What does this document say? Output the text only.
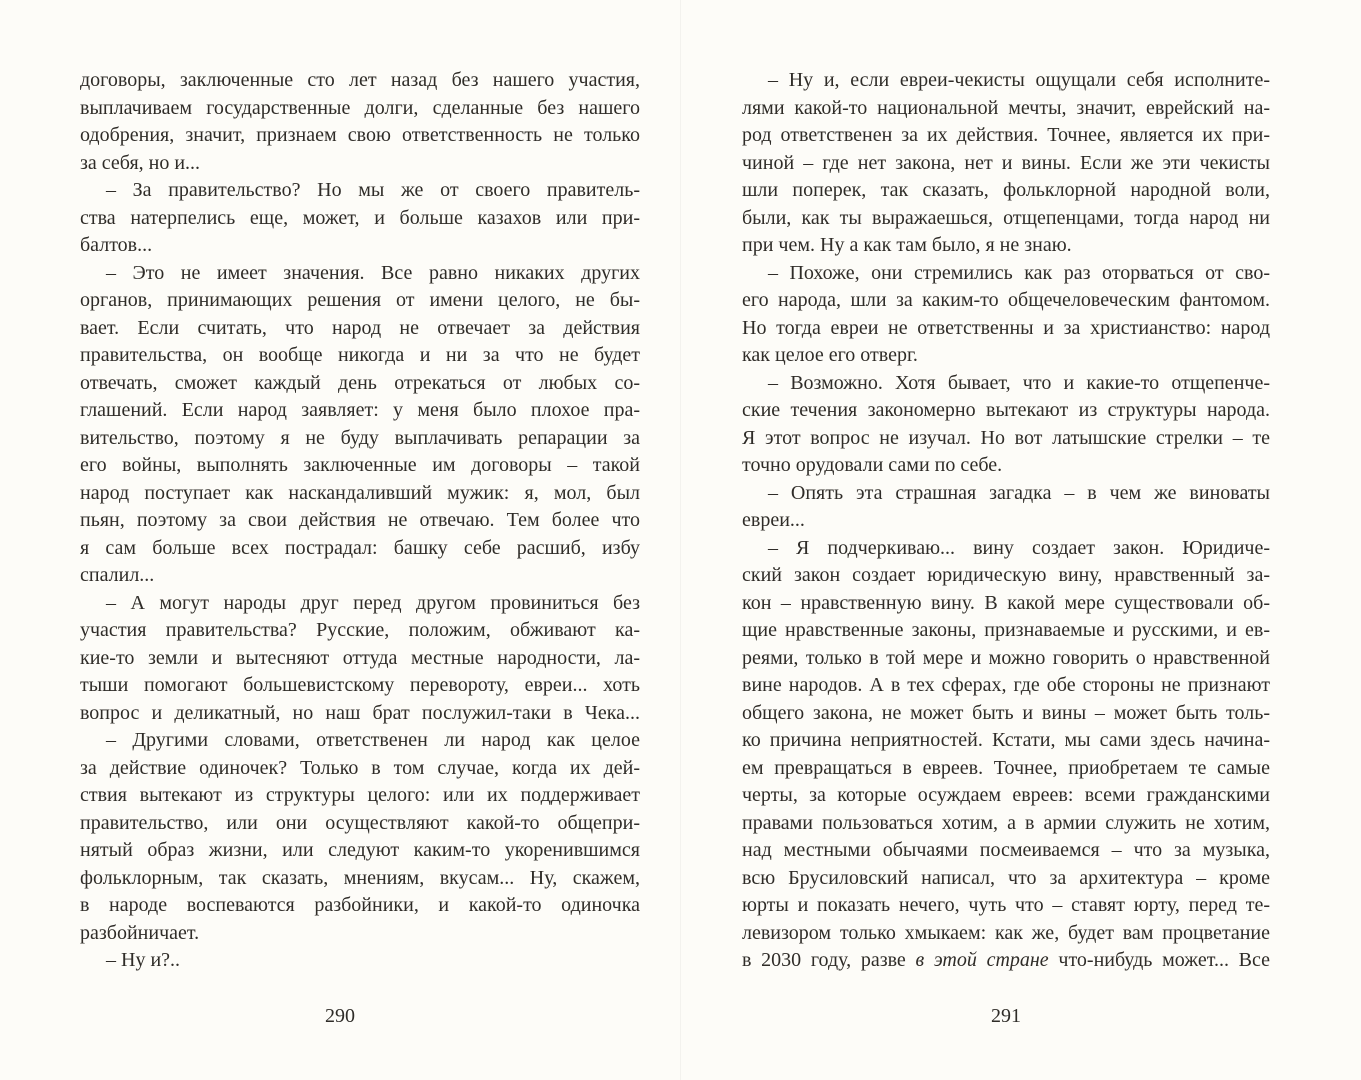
договоры, заключенные сто лет назад без нашего участия,
выплачиваем государственные долги, сделанные без нашего
одобрения, значит, признаем свою ответственность не только
за себя, но и...
– За правительство? Но мы же от своего правитель-
ства натерпелись еще, может, и больше казахов или при-
балтов...
– Это не имеет значения. Все равно никаких других
органов, принимающих решения от имени целого, не бы-
вает. Если считать, что народ не отвечает за действия
правительства, он вообще никогда и ни за что не будет
отвечать, сможет каждый день отрекаться от любых со-
глашений. Если народ заявляет: у меня было плохое пра-
вительство, поэтому я не буду выплачивать репарации за
его войны, выполнять заключенные им договоры – такой
народ поступает как наскандаливший мужик: я, мол, был
пьян, поэтому за свои действия не отвечаю. Тем более что
я сам больше всех пострадал: башку себе расшиб, избу
спалил...
– А могут народы друг перед другом провиниться без
участия правительства? Русские, положим, обживают ка-
кие-то земли и вытесняют оттуда местные народности, ла-
тыши помогают большевистскому перевороту, евреи... хоть
вопрос и деликатный, но наш брат послужил-таки в Чека...
– Другими словами, ответственен ли народ как целое
за действие одиночек? Только в том случае, когда их дей-
ствия вытекают из структуры целого: или их поддерживает
правительство, или они осуществляют какой-то общепри-
нятый образ жизни, или следуют каким-то укоренившимся
фольклорным, так сказать, мнениям, вкусам... Ну, скажем,
в народе воспеваются разбойники, и какой-то одиночка
разбойничает.
– Ну и?..
290
– Ну и, если евреи-чекисты ощущали себя исполните-
лями какой-то национальной мечты, значит, еврейский на-
род ответственен за их действия. Точнее, является их при-
чиной – где нет закона, нет и вины. Если же эти чекисты
шли поперек, так сказать, фольклорной народной воли,
были, как ты выражаешься, отщепенцами, тогда народ ни
при чем. Ну а как там было, я не знаю.
– Похоже, они стремились как раз оторваться от сво-
его народа, шли за каким-то общечеловеческим фантомом.
Но тогда евреи не ответственны и за христианство: народ
как целое его отверг.
– Возможно. Хотя бывает, что и какие-то отщепенче-
ские течения закономерно вытекают из структуры народа.
Я этот вопрос не изучал. Но вот латышские стрелки – те
точно орудовали сами по себе.
– Опять эта страшная загадка – в чем же виноваты
евреи...
– Я подчеркиваю... вину создает закон. Юридиче-
ский закон создает юридическую вину, нравственный за-
кон – нравственную вину. В какой мере существовали об-
щие нравственные законы, признаваемые и русскими, и ев-
реями, только в той мере и можно говорить о нравственной
вине народов. А в тех сферах, где обе стороны не признают
общего закона, не может быть и вины – может быть толь-
ко причина неприятностей. Кстати, мы сами здесь начина-
ем превращаться в евреев. Точнее, приобретаем те самые
черты, за которые осуждаем евреев: всеми гражданскими
правами пользоваться хотим, а в армии служить не хотим,
над местными обычаями посмеиваемся – что за музыка,
всю Брусиловский написал, что за архитектура – кроме
юрты и показать нечего, чуть что – ставят юрту, перед те-
левизором только хмыкаем: как же, будет вам процветание
в 2030 году, разве в этой стране что-нибудь может... Все
291
